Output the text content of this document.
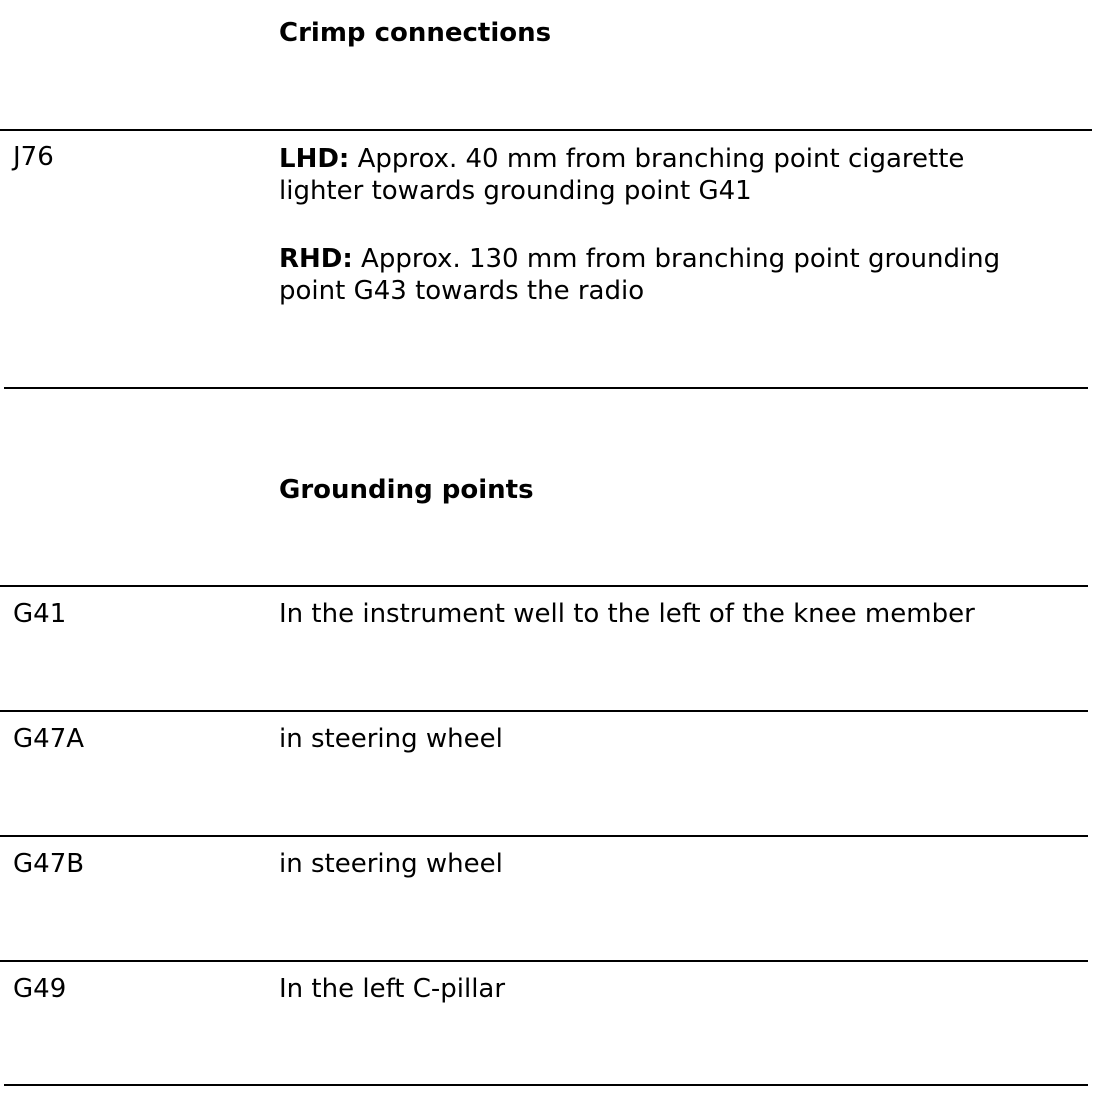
Crimp connections
J76	LHD: Approx. 40 mm from branching point cigarette
lighter towards grounding point G41

RHD: Approx. 130 mm from branching point grounding
point G43 towards the radio

Grounding points
G41	In the instrument well to the left of the knee member
G47A	in steering wheel
G47B	in steering wheel
G49	In the left C-pillar
